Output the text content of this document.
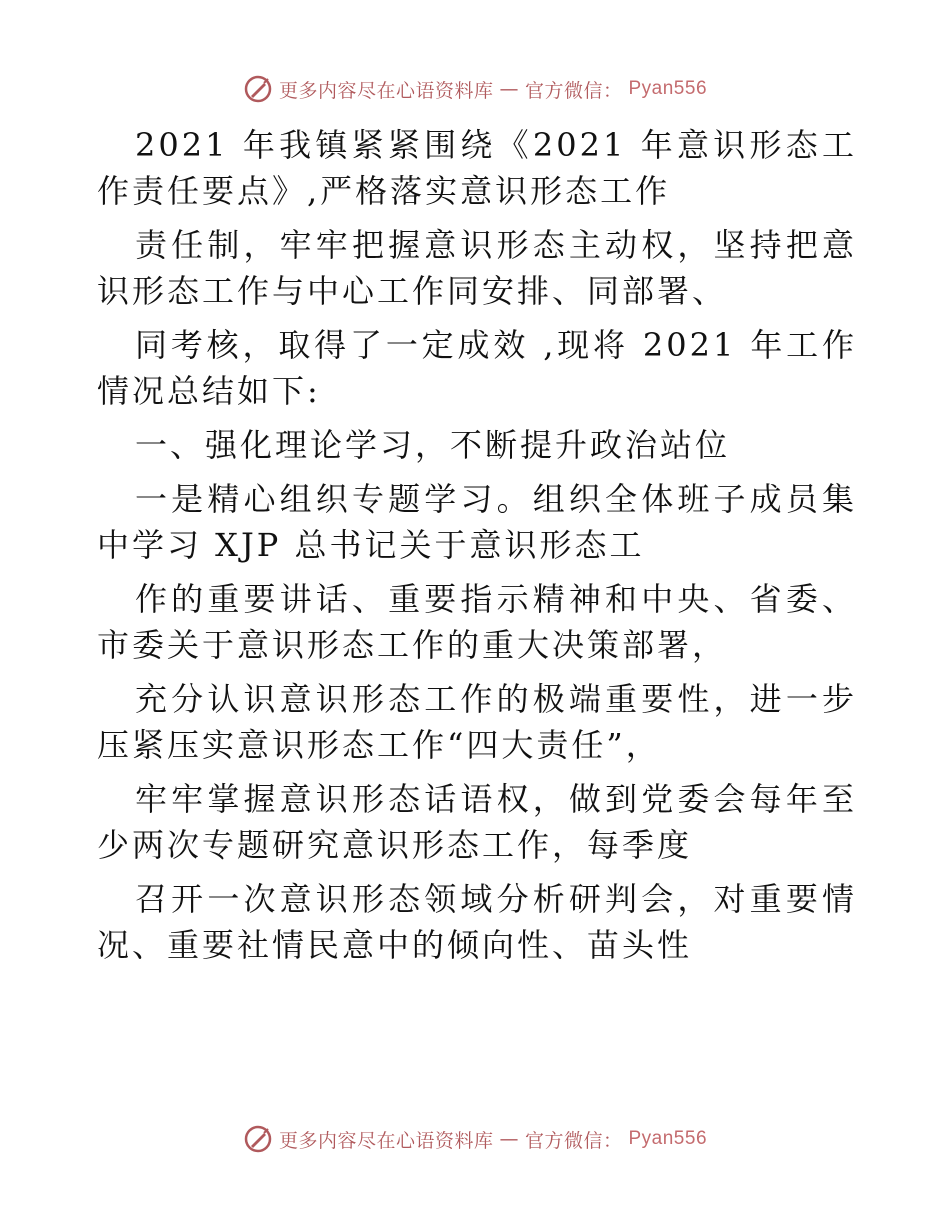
更多内容尽在心语资料库 — 官方微信： Pyan556

2021 年我镇紧紧围绕《2021 年意识形态工作责任要点》,严格落实意识形态工作

责任制，牢牢把握意识形态主动权，坚持把意识形态工作与中心工作同安排、同部署、

同考核，取得了一定成效 ,现将 2021 年工作情况总结如下:

一、强化理论学习，不断提升政治站位

一是精心组织专题学习。组织全体班子成员集中学习 XJP 总书记关于意识形态工

作的重要讲话、重要指示精神和中央、省委、市委关于意识形态工作的重大决策部署，

充分认识意识形态工作的极端重要性，进一步压紧压实意识形态工作“四大责任”，

牢牢掌握意识形态话语权，做到党委会每年至少两次专题研究意识形态工作，每季度

召开一次意识形态领域分析研判会，对重要情况、重要社情民意中的倾向性、苗头性

更多内容尽在心语资料库 — 官方微信： Pyan556
